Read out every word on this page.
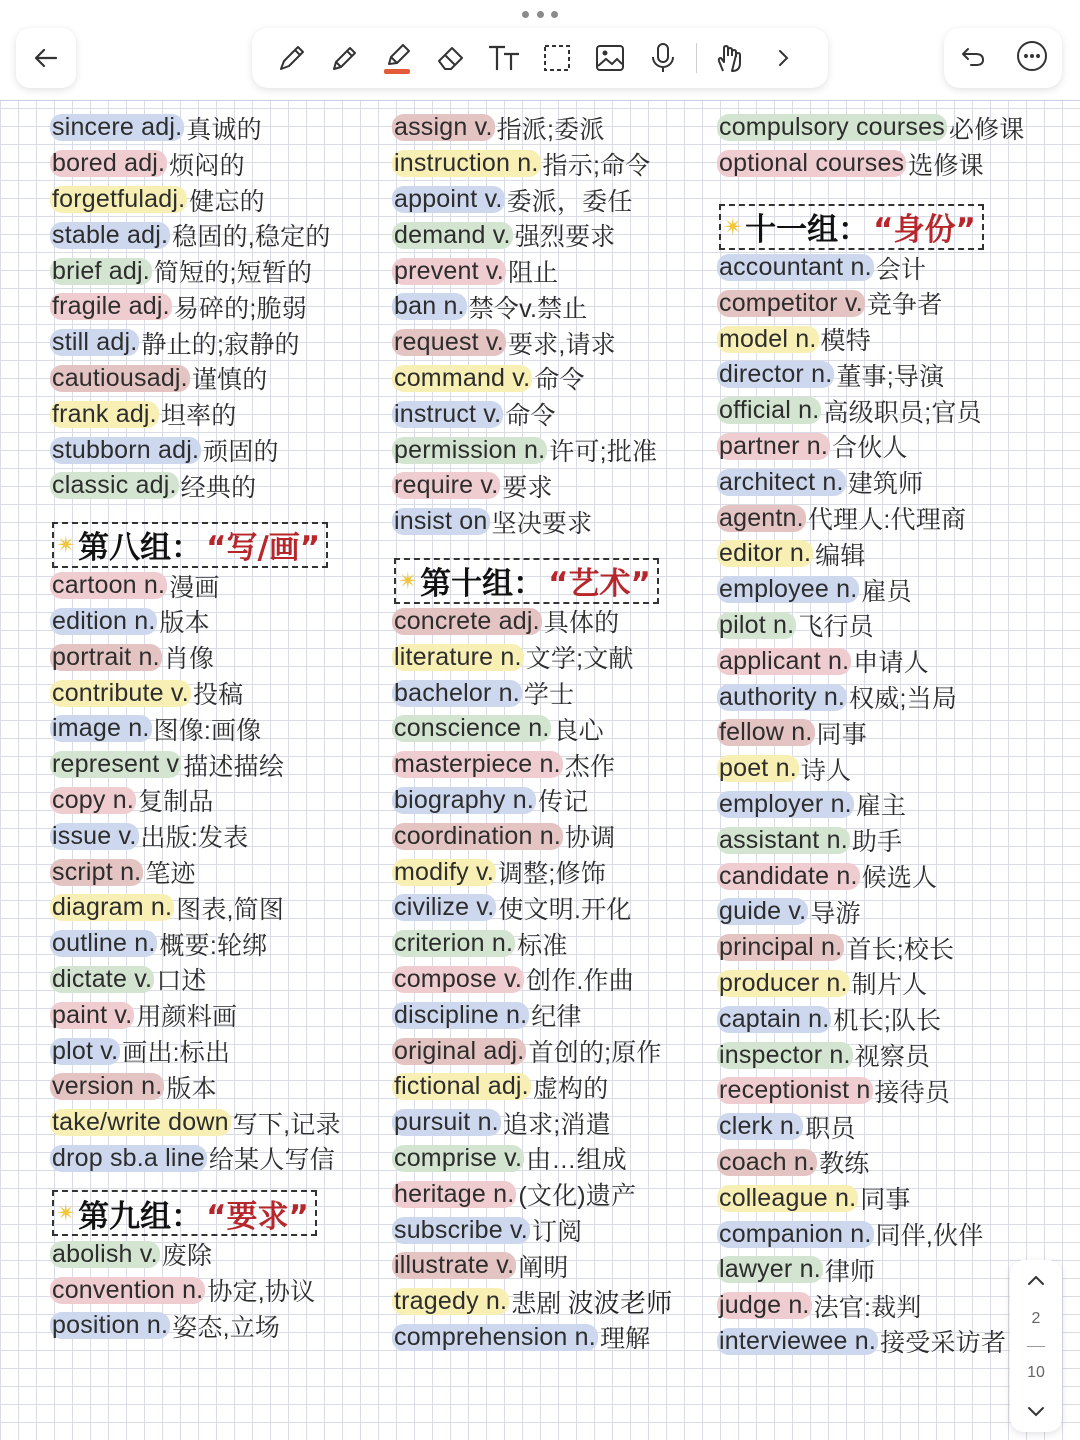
sincere adj. 真诚的
bored adj. 烦闷的
forgetfuladj. 健忘的
stable adj. 稳固的,稳定的
brief adj. 简短的;短暂的
fragile adj. 易碎的;脆弱
still adj. 静止的;寂静的
cautiousadj. 谨慎的
frank adj. 坦率的
stubborn adj. 顽固的
classic adj. 经典的
✴ 第八组： “写/画”
cartoon n. 漫画
edition n. 版本
portrait n. 肖像
contribute v. 投稿
image n. 图像:画像
represent v 描述描绘
copy n. 复制品
issue v. 出版:发表
script n. 笔迹
diagram n. 图表,简图
outline n. 概要:轮绑
dictate v. 口述
paint v. 用颜料画
plot v. 画出:标出
version n. 版本
take/write down 写下,记录
drop sb.a line 给某人写信
✴ 第九组： “要求”
abolish v. 废除
convention n. 协定,协议
position n. 姿态,立场
assign v. 指派;委派
instruction n. 指示;命令
appoint v. 委派，委任
demand v. 强烈要求
prevent v. 阻止
ban n. 禁令v.禁止
request v. 要求,请求
command v. 命令
instruct v. 命令
permission n. 许可;批准
require v. 要求
insist on 坚决要求
✴ 第十组： “艺术”
concrete adj. 具体的
literature n. 文学;文献
bachelor n. 学士
conscience n. 良心
masterpiece n. 杰作
biography n. 传记
coordination n. 协调
modify v. 调整;修饰
civilize v. 使文明.开化
criterion n. 标准
compose v. 创作.作曲
discipline n. 纪律
original adj. 首创的;原作
fictional adj. 虚构的
pursuit n. 追求;消遣
comprise v. 由…组成
heritage n. (文化)遗产
subscribe v. 订阅
illustrate v. 阐明
tragedy n. 悲剧 波波老师
comprehension n. 理解
compulsory courses 必修课
optional courses 选修课
✴ 十一组： “身份”
accountant n. 会计
competitor v. 竞争者
model n. 模特
director n. 董事;导演
official n. 高级职员;官员
partner n. 合伙人
architect n. 建筑师
agentn. 代理人:代理商
editor n. 编辑
employee n. 雇员
pilot n. 飞行员
applicant n. 申请人
authority n. 权威;当局
fellow n. 同事
poet n. 诗人
employer n. 雇主
assistant n. 助手
candidate n. 候选人
guide v. 导游
principal n. 首长;校长
producer n. 制片人
captain n. 机长;队长
inspector n. 视察员
receptionist n 接待员
clerk n. 职员
coach n. 教练
colleague n. 同事
companion n. 同伴,伙伴
lawyer n. 律师
judge n. 法官:裁判
interviewee n. 接受采访者
2
10
